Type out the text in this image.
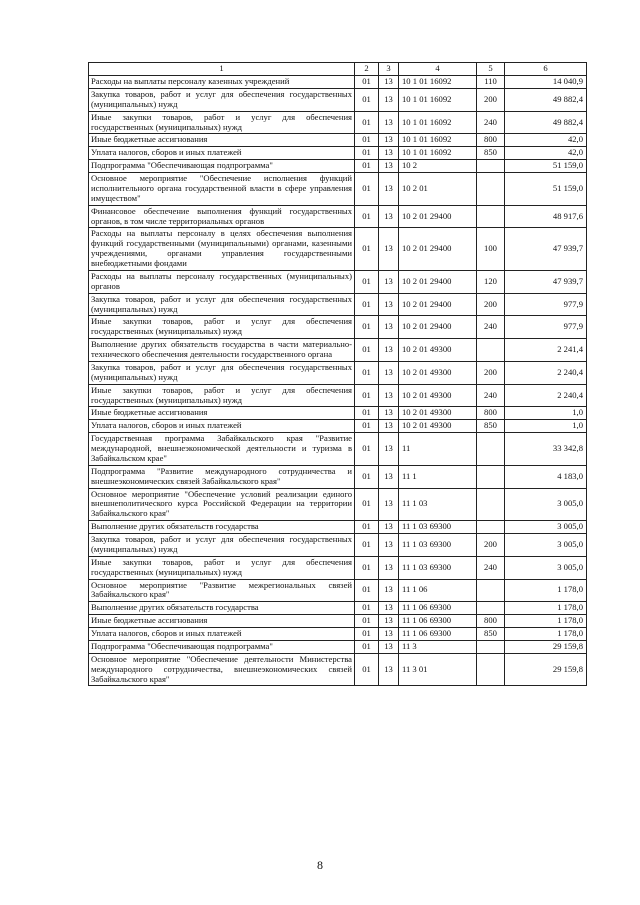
1	2	3	4	5	6
Расходы на выплаты персоналу казенных учреждений	01	13	10 1 01 16092	110	14 040,9
Закупка товаров, работ и услуг для обеспечения государственных (муниципальных) нужд	01	13	10 1 01 16092	200	49 882,4
Иные закупки товаров, работ и услуг для обеспечения государственных (муниципальных) нужд	01	13	10 1 01 16092	240	49 882,4
Иные бюджетные ассигнования	01	13	10 1 01 16092	800	42,0
Уплата налогов, сборов и иных платежей	01	13	10 1 01 16092	850	42,0
Подпрограмма "Обеспечивающая подпрограмма"	01	13	10 2		51 159,0
Основное мероприятие "Обеспечение исполнения функций исполнительного органа государственной власти в сфере управления имуществом"	01	13	10 2 01		51 159,0
Финансовое обеспечение выполнения функций государственных органов, в том числе территориальных органов	01	13	10 2 01 29400		48 917,6
Расходы на выплаты персоналу в целях обеспечения выполнения функций государственными (муниципальными) органами, казенными учреждениями, органами управления государственными внебюджетными фондами	01	13	10 2 01 29400	100	47 939,7
Расходы на выплаты персоналу государственных (муниципальных) органов	01	13	10 2 01 29400	120	47 939,7
Закупка товаров, работ и услуг для обеспечения государственных (муниципальных) нужд	01	13	10 2 01 29400	200	977,9
Иные закупки товаров, работ и услуг для обеспечения государственных (муниципальных) нужд	01	13	10 2 01 29400	240	977,9
Выполнение других обязательств государства в части материально-технического обеспечения деятельности государственного органа	01	13	10 2 01 49300		2 241,4
Закупка товаров, работ и услуг для обеспечения государственных (муниципальных) нужд	01	13	10 2 01 49300	200	2 240,4
Иные закупки товаров, работ и услуг для обеспечения государственных (муниципальных) нужд	01	13	10 2 01 49300	240	2 240,4
Иные бюджетные ассигнования	01	13	10 2 01 49300	800	1,0
Уплата налогов, сборов и иных платежей	01	13	10 2 01 49300	850	1,0
Государственная программа Забайкальского края "Развитие международной, внешнеэкономической деятельности и туризма в Забайкальском крае"	01	13	11		33 342,8
Подпрограмма "Развитие международного сотрудничества и внешнеэкономических связей Забайкальского края"	01	13	11 1		4 183,0
Основное мероприятие "Обеспечение условий реализации единого внешнеполитического курса Российской Федерации на территории Забайкальского края"	01	13	11 1 03		3 005,0
Выполнение других обязательств государства	01	13	11 1 03 69300		3 005,0
Закупка товаров, работ и услуг для обеспечения государственных (муниципальных) нужд	01	13	11 1 03 69300	200	3 005,0
Иные закупки товаров, работ и услуг для обеспечения государственных (муниципальных) нужд	01	13	11 1 03 69300	240	3 005,0
Основное мероприятие "Развитие межрегиональных связей Забайкальского края"	01	13	11 1 06		1 178,0
Выполнение других обязательств государства	01	13	11 1 06 69300		1 178,0
Иные бюджетные ассигнования	01	13	11 1 06 69300	800	1 178,0
Уплата налогов, сборов и иных платежей	01	13	11 1 06 69300	850	1 178,0
Подпрограмма "Обеспечивающая подпрограмма"	01	13	11 3		29 159,8
Основное мероприятие "Обеспечение деятельности Министерства международного сотрудничества, внешнеэкономических связей Забайкальского края"	01	13	11 3 01		29 159,8
8
